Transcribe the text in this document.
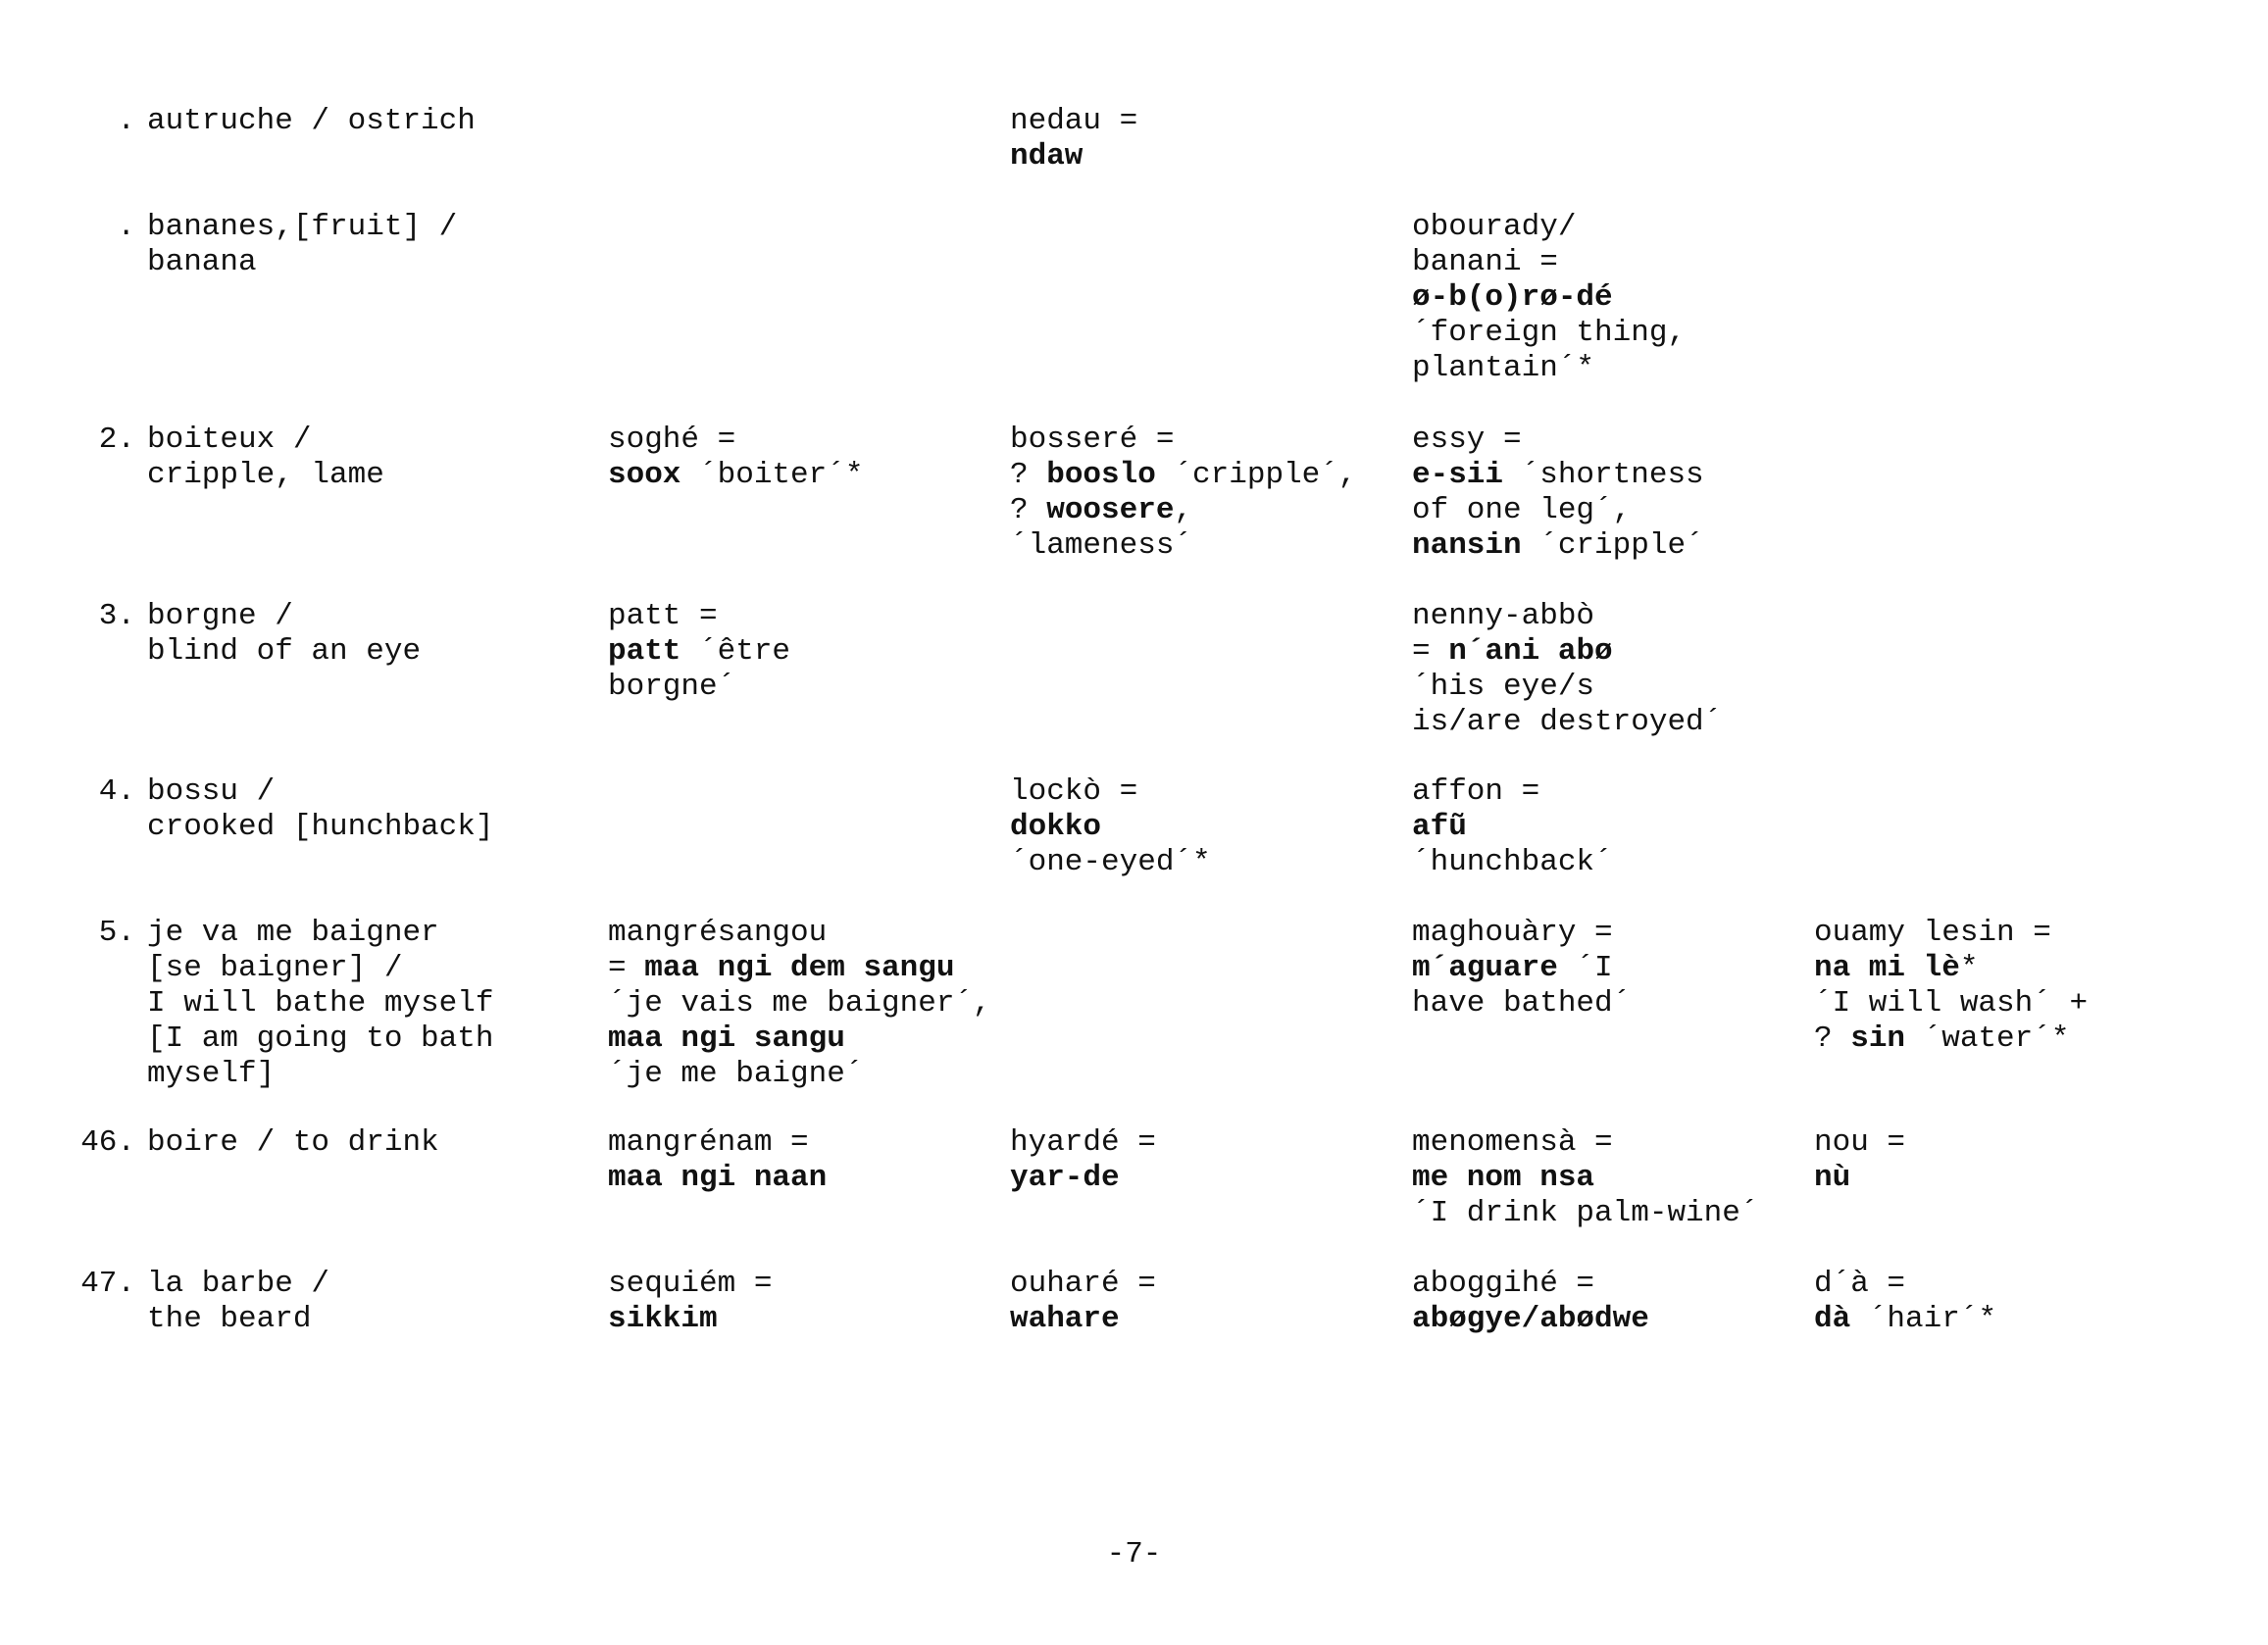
. autruche / ostrich	nedau =
ndaw
. bananes,[fruit] /
banana
obourady/
banani =
ø-b(o)rø-dé
´foreign thing,
plantain´*
2. boiteux /
cripple, lame
soghé =
soox ´boiter´*
bosseré =
? booslo ´cripple´,
? woosere,
´lameness´
essy =
e-sii ´shortness
of one leg´,
nansin ´cripple´
3. borgne /
blind of an eye
patt =
patt ´être
borgne´
nenny-abbò
= n´ani abø
´his eye/s
is/are destroyed´
4. bossu /
crooked [hunchback]
lockò =
dokko
´one-eyed´*
affon =
afũ
´hunchback´
5. je va me baigner
[se baigner] /
I will bathe myself
[I am going to bath
myself]
mangrésangou
= maa ngi dem sangu
´je vais me baigner´,
maa ngi sangu
´je me baigne´
maghouàry =
m´aguare ´I
have bathed´
ouamy lesin =
na mi lè*
´I will wash´ +
? sin ´water´*
46. boire / to drink	mangrénam =
maa ngi naan
hyardé =
yar-de
menomensà =
me nom nsa
´I drink palm-wine´
nou =
nù
47. la barbe /
the beard
sequiém =
sikkim
ouharé =
wahare
aboggihé =
abøgye/abødwe
d´à =
dà ´hair´*
-7-
